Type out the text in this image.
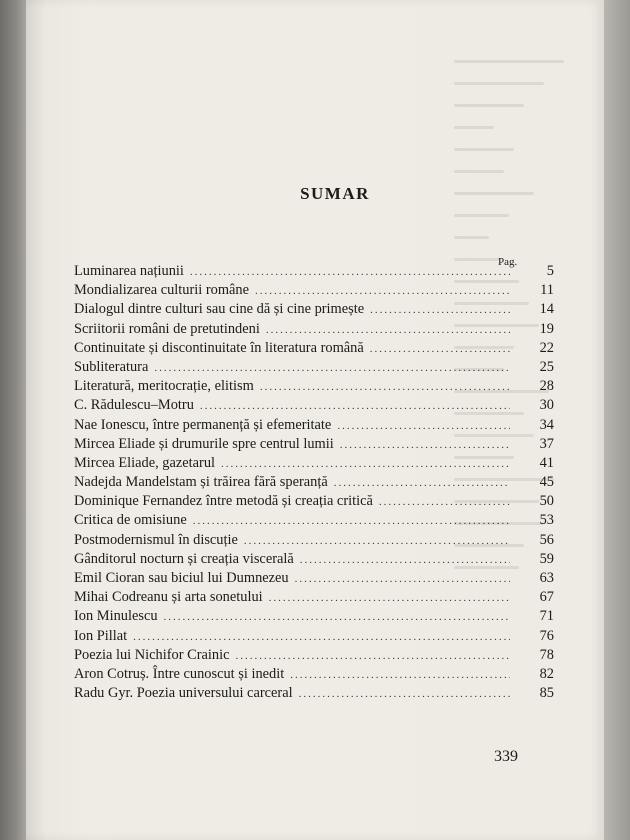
SUMAR
Pag.
Luminarea națiunii .....	5
Mondializarea culturii române .....	11
Dialogul dintre culturi sau cine dă și cine primește .....	14
Scriitorii români de pretutindeni .....	19
Continuitate și discontinuitate în literatura română .....	22
Subliteratura .....	25
Literatură, meritocrație, elitism .....	28
C. Rădulescu–Motru .....	30
Nae Ionescu, între permanență și efemeritate .....	34
Mircea Eliade și drumurile spre centrul lumii .....	37
Mircea Eliade, gazetarul .....	41
Nadejda Mandelstam și trăirea fără speranță .....	45
Dominique Fernandez între metodă și creația critică .....	50
Critica de omisiune .....	53
Postmodernismul în discuție .....	56
Gânditorul nocturn și creația viscerală .....	59
Emil Cioran sau biciul lui Dumnezeu .....	63
Mihai Codreanu și arta sonetului .....	67
Ion Minulescu .....	71
Ion Pillat .....	76
Poezia lui Nichifor Crainic .....	78
Aron Cotruș. Între cunoscut și inedit .....	82
Radu Gyr. Poezia universului carceral .....	85
339
